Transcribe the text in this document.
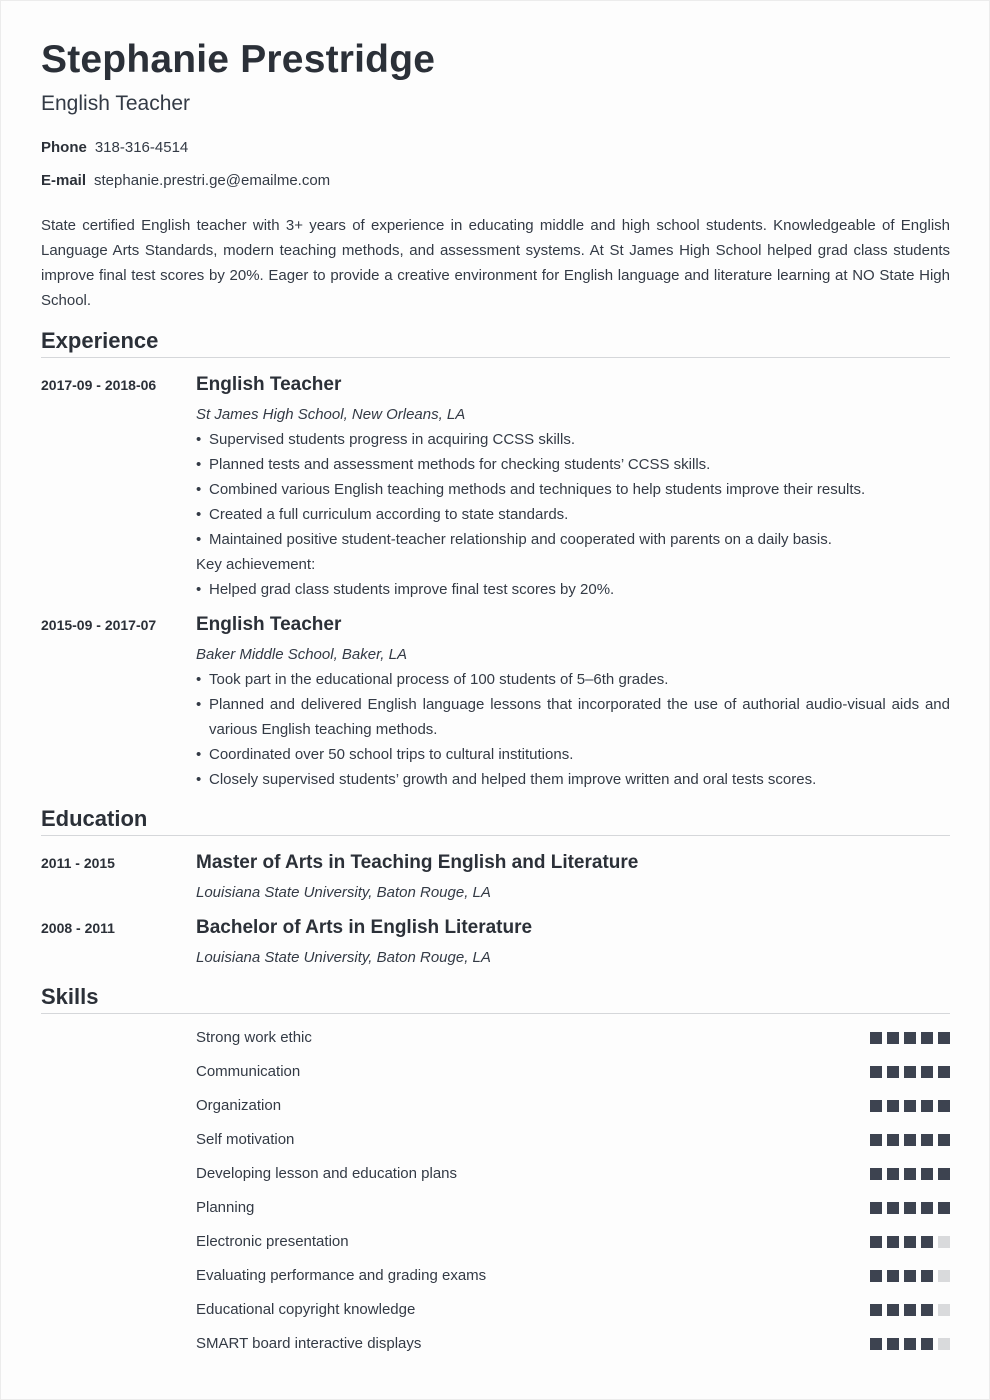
Stephanie Prestridge
English Teacher
Phone 318-316-4514
E-mail stephanie.prestri.ge@emailme.com
State certified English teacher with 3+ years of experience in educating middle and high school students. Knowledgeable of English Language Arts Standards, modern teaching methods, and assessment systems. At St James High School helped grad class students improve final test scores by 20%. Eager to provide a creative environment for English language and literature learning at NO State High School.
Experience
2017-09 - 2018-06 English Teacher
St James High School, New Orleans, LA
• Supervised students progress in acquiring CCSS skills.
• Planned tests and assessment methods for checking students’ CCSS skills.
• Combined various English teaching methods and techniques to help students improve their results.
• Created a full curriculum according to state standards.
• Maintained positive student-teacher relationship and cooperated with parents on a daily basis.
Key achievement:
• Helped grad class students improve final test scores by 20%.
2015-09 - 2017-07 English Teacher
Baker Middle School, Baker, LA
• Took part in the educational process of 100 students of 5–6th grades.
• Planned and delivered English language lessons that incorporated the use of authorial audio-visual aids and various English teaching methods.
• Coordinated over 50 school trips to cultural institutions.
• Closely supervised students’ growth and helped them improve written and oral tests scores.
Education
2011 - 2015	Master of Arts in Teaching English and Literature
Louisiana State University, Baton Rouge, LA
2008 - 2011	Bachelor of Arts in English Literature
Louisiana State University, Baton Rouge, LA
Skills
Strong work ethic
Communication
Organization
Self motivation
Developing lesson and education plans
Planning
Electronic presentation
Evaluating performance and grading exams
Educational copyright knowledge
SMART board interactive displays
